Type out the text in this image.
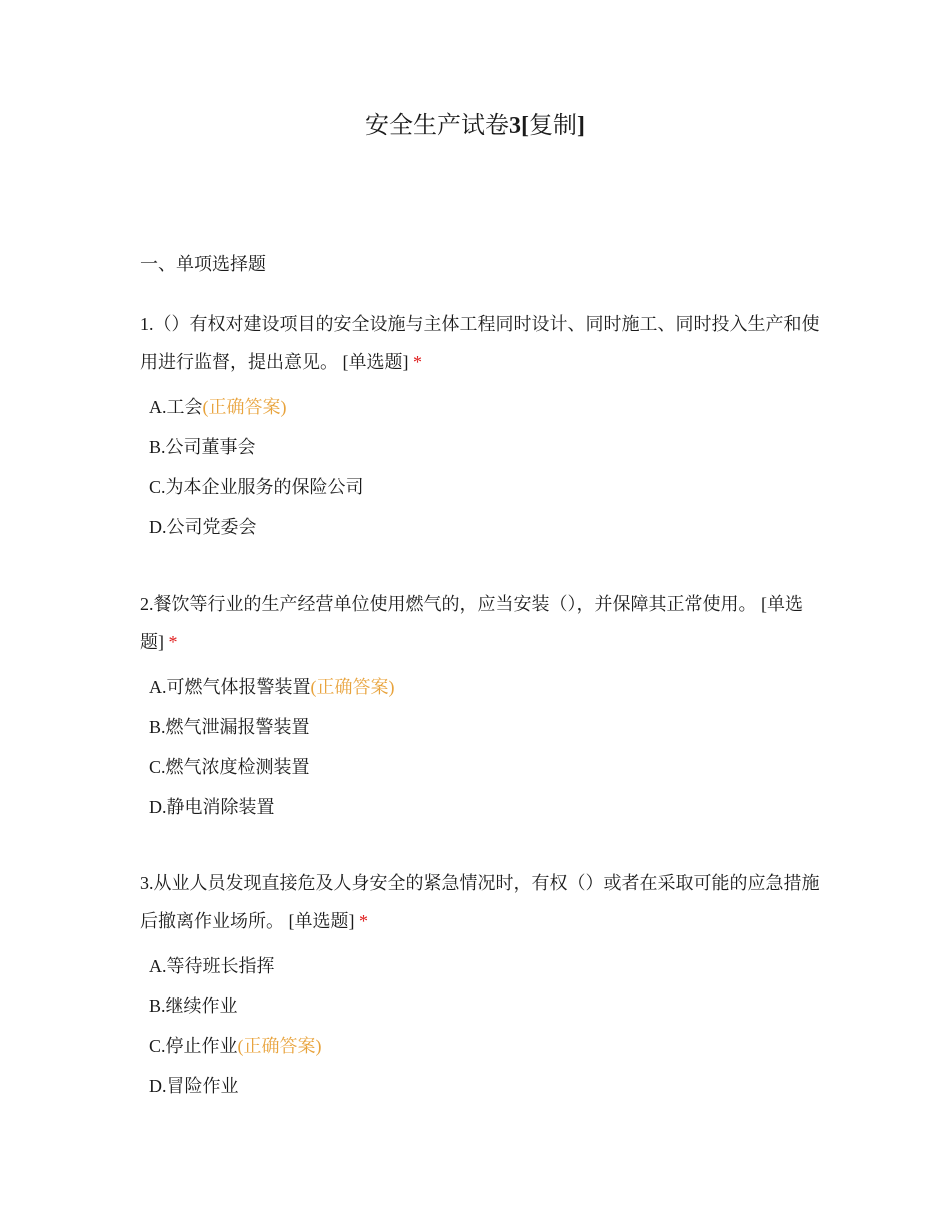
安全生产试卷3[复制]
一、单项选择题

1.（）有权对建设项目的安全设施与主体工程同时设计、同时施工、同时投入生产和使用进行监督，提出意见。 [单选题] *

A.工会(正确答案)
B.公司董事会
C.为本企业服务的保险公司
D.公司党委会

2.餐饮等行业的生产经营单位使用燃气的，应当安装（），并保障其正常使用。 [单选题] *

A.可燃气体报警装置(正确答案)
B.燃气泄漏报警装置
C.燃气浓度检测装置
D.静电消除装置

3.从业人员发现直接危及人身安全的紧急情况时，有权（）或者在采取可能的应急措施后撤离作业场所。 [单选题] *

A.等待班长指挥
B.继续作业
C.停止作业(正确答案)
D.冒险作业
